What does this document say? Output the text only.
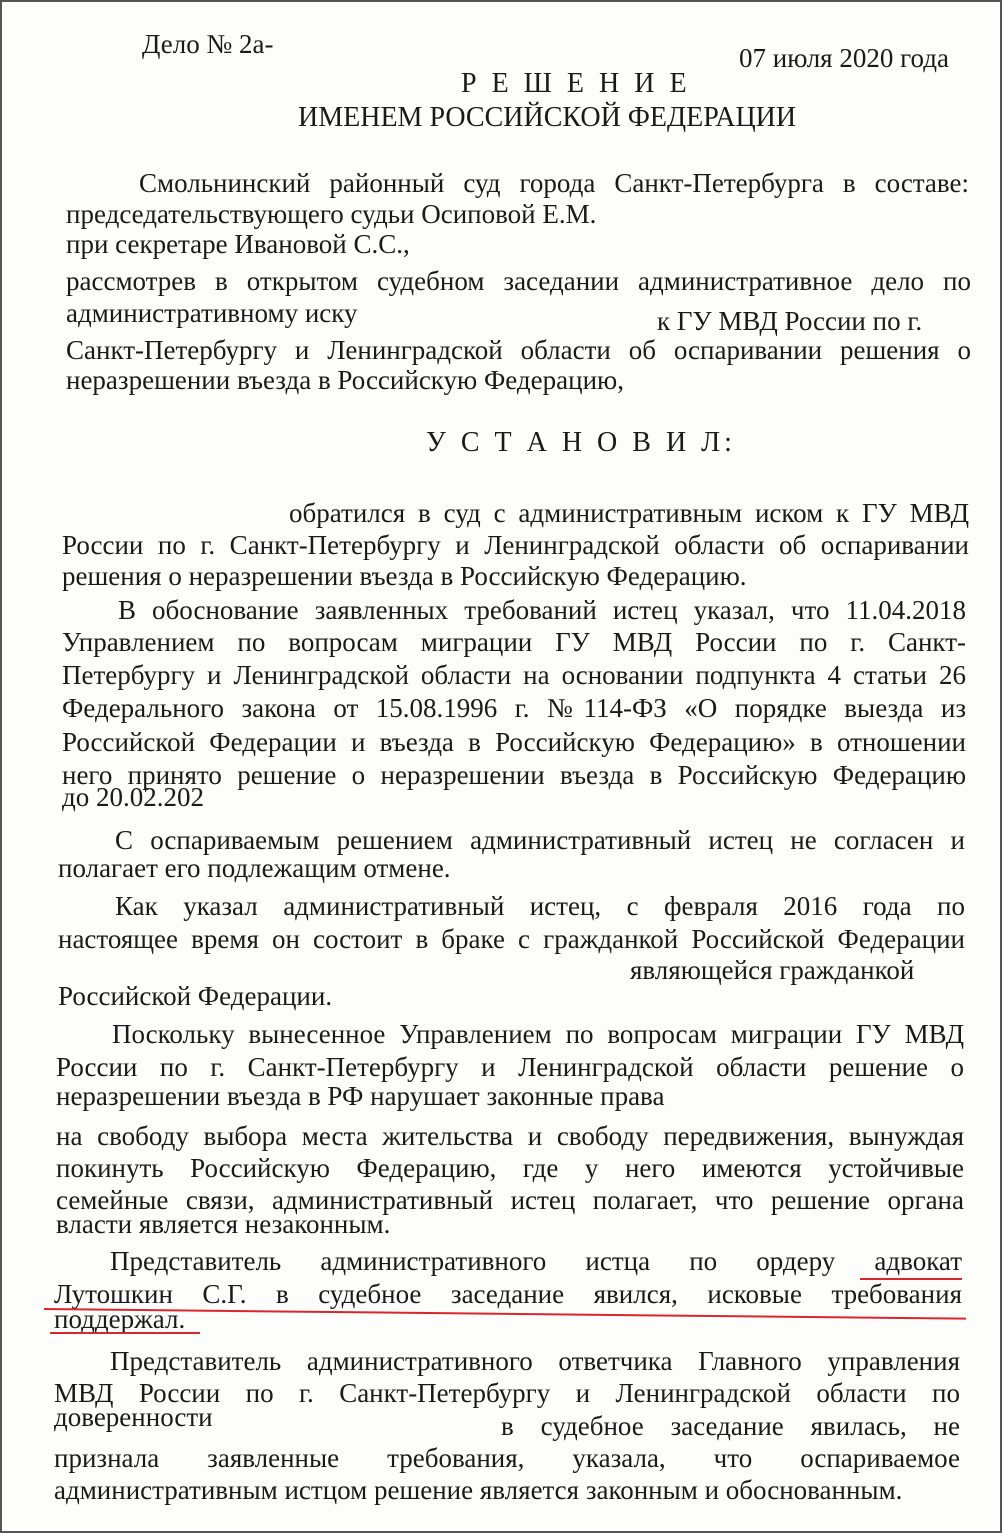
Дело № 2а-	07 июля 2020 года
Р Е Ш Е Н И Е
ИМЕНЕМ РОССИЙСКОЙ ФЕДЕРАЦИИ
Смольнинский районный суд города Санкт-Петербурга в составе:
председательствующего судьи Осиповой Е.М.
при секретаре Ивановой С.С.,
рассмотрев в открытом судебном заседании административное дело по
административному иску	к ГУ МВД России по г.
Санкт-Петербургу и Ленинградской области об оспаривании решения о
неразрешении въезда в Российскую Федерацию,
У С Т А Н О В И Л:
обратился в суд с административным иском к ГУ МВД
России по г. Санкт-Петербургу и Ленинградской области об оспаривании
решения о неразрешении въезда в Российскую Федерацию.
В обоснование заявленных требований истец указал, что 11.04.2018
Управлением по вопросам миграции ГУ МВД России по г. Санкт-
Петербургу и Ленинградской области на основании подпункта 4 статьи 26
Федерального закона от 15.08.1996 г. №114-ФЗ «О порядке выезда из
Российской Федерации и въезда в Российскую Федерацию» в отношении
него принято решение о неразрешении въезда в Российскую Федерацию
до 20.02.202
С оспариваемым решением административный истец не согласен и
полагает его подлежащим отмене.
Как указал административный истец, с февраля 2016 года по
настоящее время он состоит в браке с гражданкой Российской Федерации
являющейся гражданкой
Российской Федерации.
Поскольку вынесенное Управлением по вопросам миграции ГУ МВД
России по г. Санкт-Петербургу и Ленинградской области решение о
неразрешении въезда в РФ нарушает законные права
на свободу выбора места жительства и свободу передвижения, вынуждая
покинуть Российскую Федерацию, где у него имеются устойчивые
семейные связи, административный истец полагает, что решение органа
власти является незаконным.
Представитель административного истца по ордеру адвокат
Лутошкин С.Г. в судебное заседание явился, исковые требования
поддержал.
Представитель административного ответчика Главного управления
МВД России по г. Санкт-Петербургу и Ленинградской области по
доверенности	в судебное заседание явилась, не
признала заявленные требования, указала, что оспариваемое
административным истцом решение является законным и обоснованным.
